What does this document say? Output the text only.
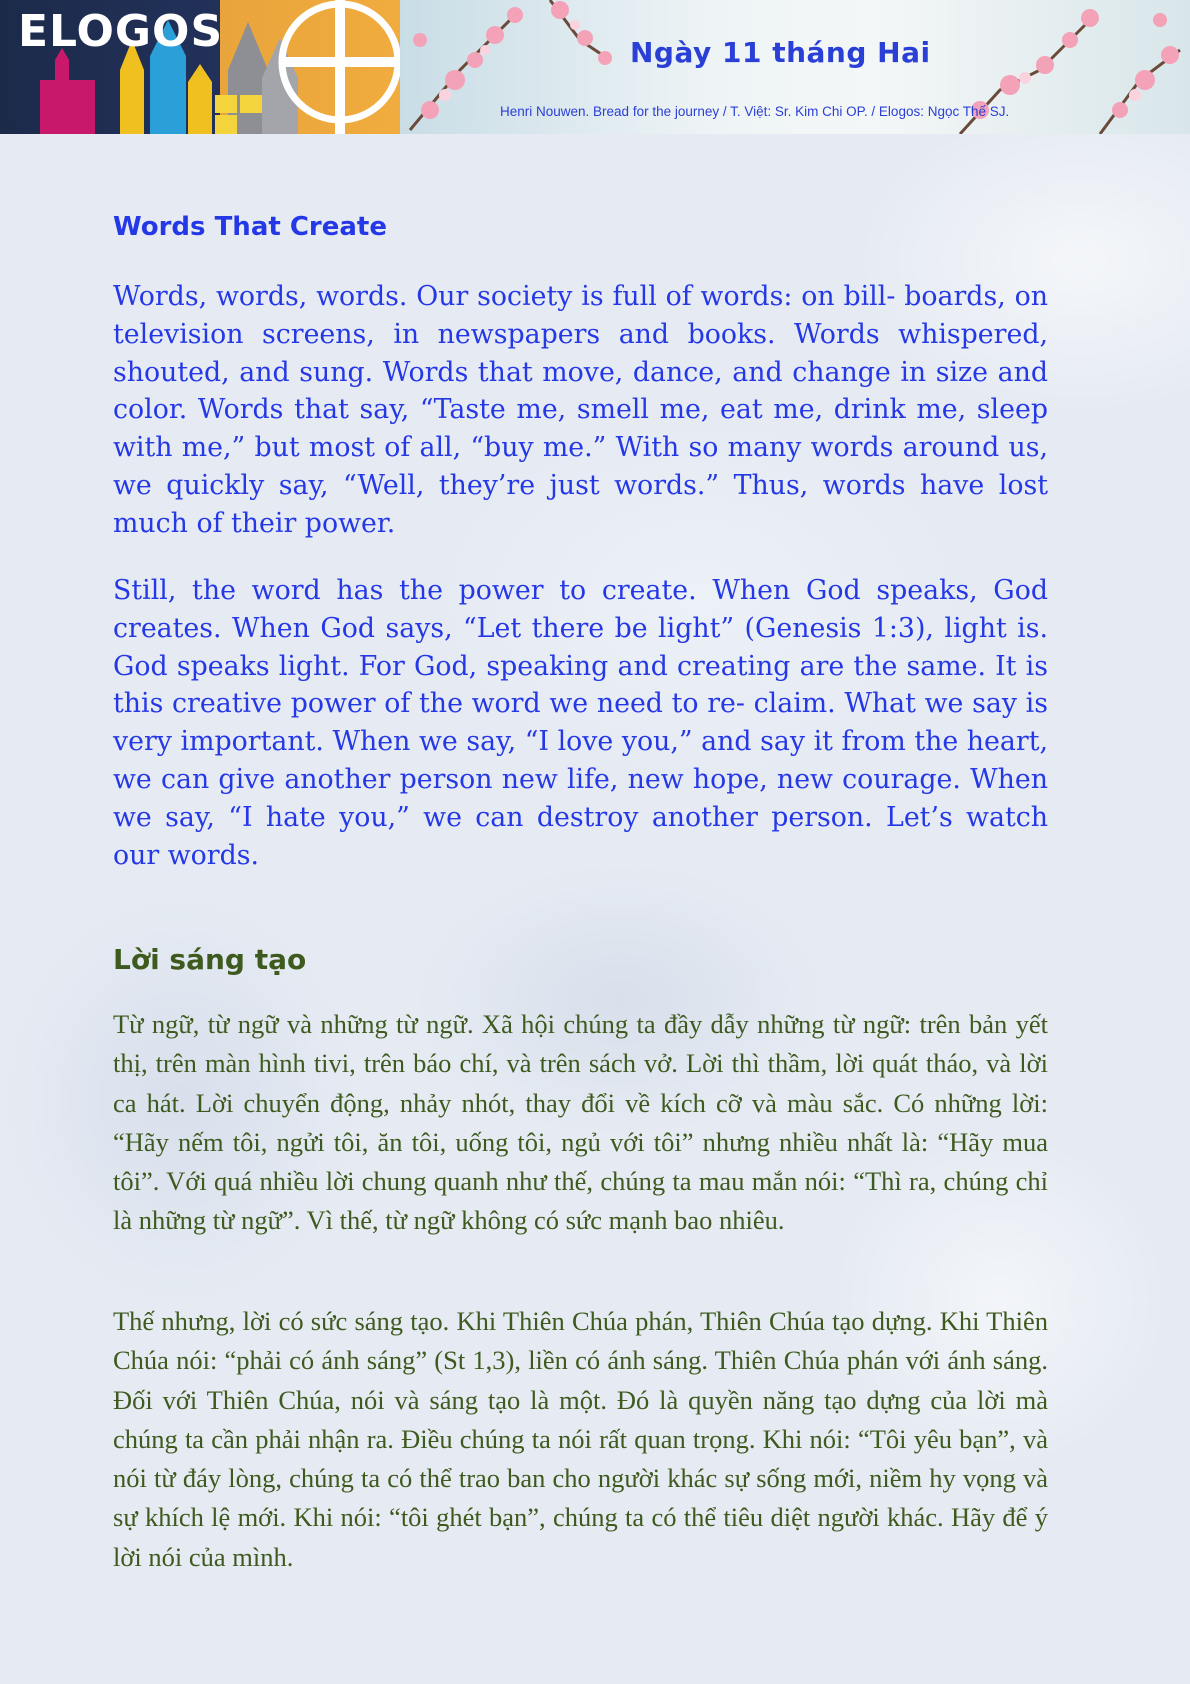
ELOGOS	Ngày 11 tháng Hai
Henri Nouwen. Bread for the journey / T. Việt: Sr. Kim Chi OP. / Elogos: Ngọc Thế SJ.
Words That Create

Words, words, words. Our society is full of words: on bill- boards, on television screens, in newspapers and books. Words whispered, shouted, and sung. Words that move, dance, and change in size and color. Words that say, “Taste me, smell me, eat me, drink me, sleep with me,” but most of all, “buy me.” With so many words around us, we quickly say, “Well, they’re just words.” Thus, words have lost much of their power.

Still, the word has the power to create. When God speaks, God creates. When God says, “Let there be light” (Genesis 1:3), light is. God speaks light. For God, speaking and creating are the same. It is this creative power of the word we need to re- claim. What we say is very important. When we say, “I love you,” and say it from the heart, we can give another person new life, new hope, new courage. When we say, “I hate you,” we can destroy another person. Let’s watch our words.

Lời sáng tạo

Từ ngữ, từ ngữ và những từ ngữ. Xã hội chúng ta đầy dẫy những từ ngữ: trên bản yết thị, trên màn hình tivi, trên báo chí, và trên sách vở. Lời thì thầm, lời quát tháo, và lời ca hát. Lời chuyển động, nhảy nhót, thay đổi về kích cỡ và màu sắc. Có những lời: “Hãy nếm tôi, ngửi tôi, ăn tôi, uống tôi, ngủ với tôi” nhưng nhiều nhất là: “Hãy mua tôi”. Với quá nhiều lời chung quanh như thế, chúng ta mau mắn nói: “Thì ra, chúng chỉ là những từ ngữ”. Vì thế, từ ngữ không có sức mạnh bao nhiêu.

Thế nhưng, lời có sức sáng tạo. Khi Thiên Chúa phán, Thiên Chúa tạo dựng. Khi Thiên Chúa nói: “phải có ánh sáng” (St 1,3), liền có ánh sáng. Thiên Chúa phán với ánh sáng. Đối với Thiên Chúa, nói và sáng tạo là một. Đó là quyền năng tạo dựng của lời mà chúng ta cần phải nhận ra. Điều chúng ta nói rất quan trọng. Khi nói: “Tôi yêu bạn”, và nói từ đáy lòng, chúng ta có thể trao ban cho người khác sự sống mới, niềm hy vọng và sự khích lệ mới. Khi nói: “tôi ghét bạn”, chúng ta có thể tiêu diệt người khác. Hãy để ý lời nói của mình.
